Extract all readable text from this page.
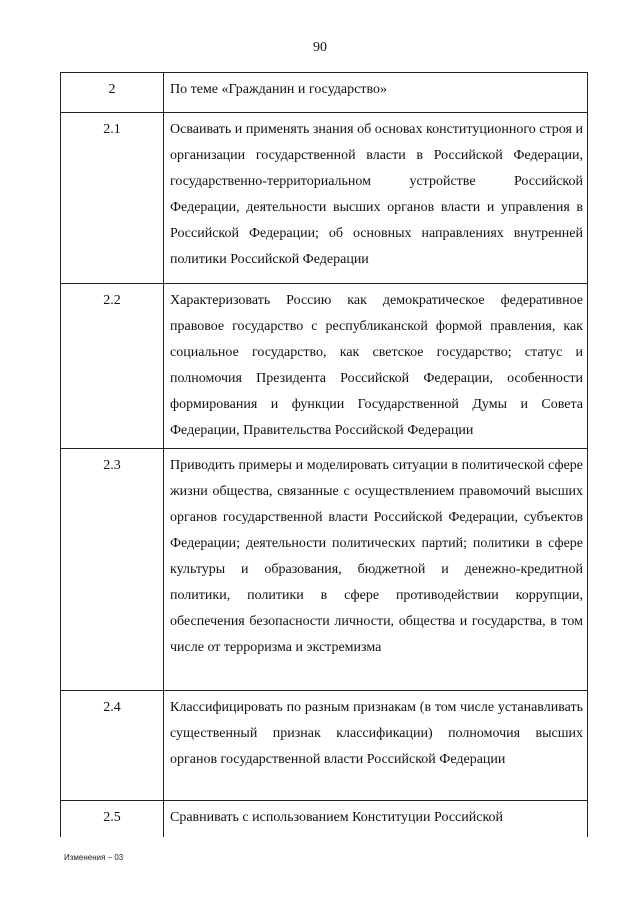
90
2	По теме «Гражданин и государство»
2.1	Осваивать и применять знания об основах конституционного строя и организации государственной власти в Российской Федерации, государственно-территориальном устройстве Российской Федерации, деятельности высших органов власти и управления в Российской Федерации; об основных направлениях внутренней политики Российской Федерации
2.2	Характеризовать Россию как демократическое федеративное правовое государство с республиканской формой правления, как социальное государство, как светское государство; статус и полномочия Президента Российской Федерации, особенности формирования и функции Государственной Думы и Совета Федерации, Правительства Российской Федерации
2.3	Приводить примеры и моделировать ситуации в политической сфере жизни общества, связанные с осуществлением правомочий высших органов государственной власти Российской Федерации, субъектов Федерации; деятельности политических партий; политики в сфере культуры и образования, бюджетной и денежно-кредитной политики, политики в сфере противодействии коррупции, обеспечения безопасности личности, общества и государства, в том числе от терроризма и экстремизма
2.4	Классифицировать по разным признакам (в том числе устанавливать существенный признак классификации) полномочия высших органов государственной власти Российской Федерации
2.5	Сравнивать с использованием Конституции Российской
Изменения – 03
